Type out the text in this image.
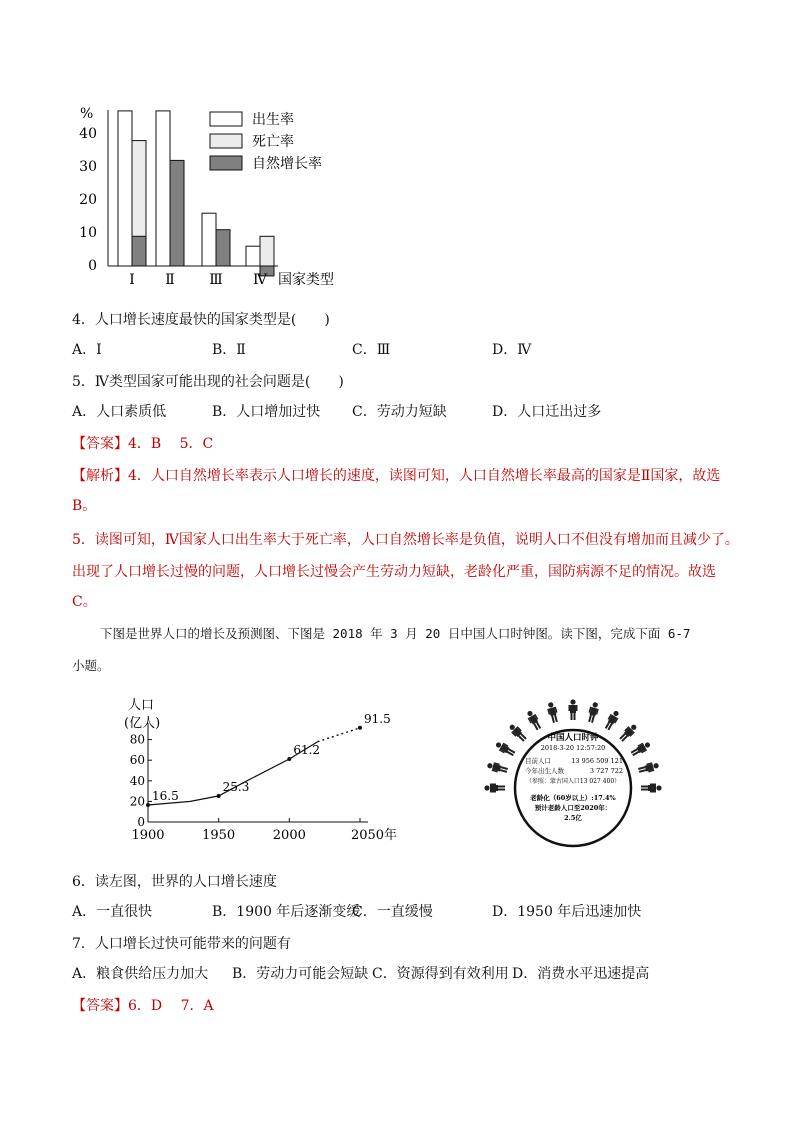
%
0
10
20
30
40
Ⅰ Ⅱ Ⅲ Ⅳ 国家类型
出生率
死亡率
自然增长率
4．人口增长速度最快的国家类型是(　　)
A．Ⅰ	B．Ⅱ	C．Ⅲ	D．Ⅳ
5．Ⅳ类型国家可能出现的社会问题是(　　)
A．人口素质低	B．人口增加过快 C．劳动力短缺	D．人口迁出过多
【答案】4．B　 5．C
【解析】4．人口自然增长率表示人口增长的速度，读图可知，人口自然增长率最高的国家是Ⅱ国家，故选
B。
5．读图可知，Ⅳ国家人口出生率大于死亡率，人口自然增长率是负值，说明人口不但没有增加而且减少了。
出现了人口增长过慢的问题，人口增长过慢会产生劳动力短缺，老龄化严重，国防病源不足的情况。故选
C。
下图是世界人口的增长及预测图、下图是 2018 年 3 月 20 日中国人口时钟图。读下图，完成下面 6-7
小题。
人口
(亿人)
0
20
40
60
80
1900	1950	2000	2050年
16.5
25.3
61.2
91.5
中国人口时钟
2018-3-20 12:57:20
目前人口	13 956 509 121
今年出生人数	3 727 722
（参照：蒙古国人口13 027 400）
老龄化（60岁以上）:17.4%
预计老龄人口至2020年：
2.5亿
6．读左图，世界的人口增长速度
A．一直很快	B．1900 年后逐渐变缓
C．一直缓慢	D．1950 年后迅速加快
7．人口增长过快可能带来的问题有
A．粮食供给压力加大 B．劳动力可能会短缺 C．资源得到有效利用 D．消费水平迅速提高
【答案】6．D　 7．A
